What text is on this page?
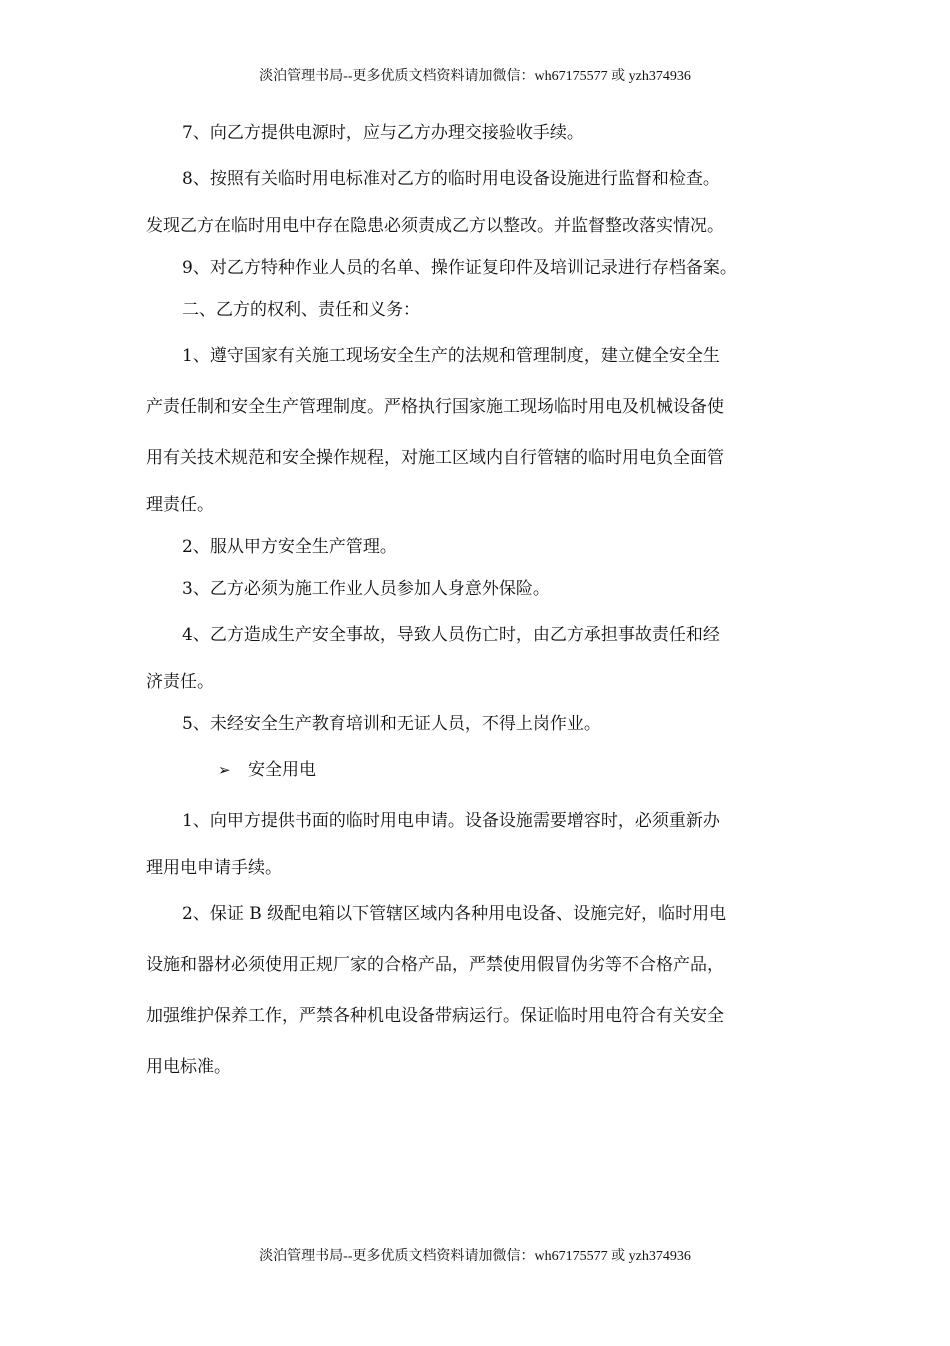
淡泊管理书局--更多优质文档资料请加微信：wh67175577 或 yzh374936

7、向乙方提供电源时，应与乙方办理交接验收手续。

8、按照有关临时用电标准对乙方的临时用电设备设施进行监督和检查。

发现乙方在临时用电中存在隐患必须责成乙方以整改。并监督整改落实情况。

9、对乙方特种作业人员的名单、操作证复印件及培训记录进行存档备案。

二、乙方的权利、责任和义务：

1、遵守国家有关施工现场安全生产的法规和管理制度，建立健全安全生

产责任制和安全生产管理制度。严格执行国家施工现场临时用电及机械设备使

用有关技术规范和安全操作规程，对施工区域内自行管辖的临时用电负全面管

理责任。

2、服从甲方安全生产管理。

3、乙方必须为施工作业人员参加人身意外保险。

4、乙方造成生产安全事故，导致人员伤亡时，由乙方承担事故责任和经

济责任。

5、未经安全生产教育培训和无证人员，不得上岗作业。

➢ 安全用电

1、向甲方提供书面的临时用电申请。设备设施需要增容时，必须重新办

理用电申请手续。

2、保证 B 级配电箱以下管辖区域内各种用电设备、设施完好，临时用电

设施和器材必须使用正规厂家的合格产品，严禁使用假冒伪劣等不合格产品，

加强维护保养工作，严禁各种机电设备带病运行。保证临时用电符合有关安全

用电标准。

淡泊管理书局--更多优质文档资料请加微信：wh67175577 或 yzh374936
